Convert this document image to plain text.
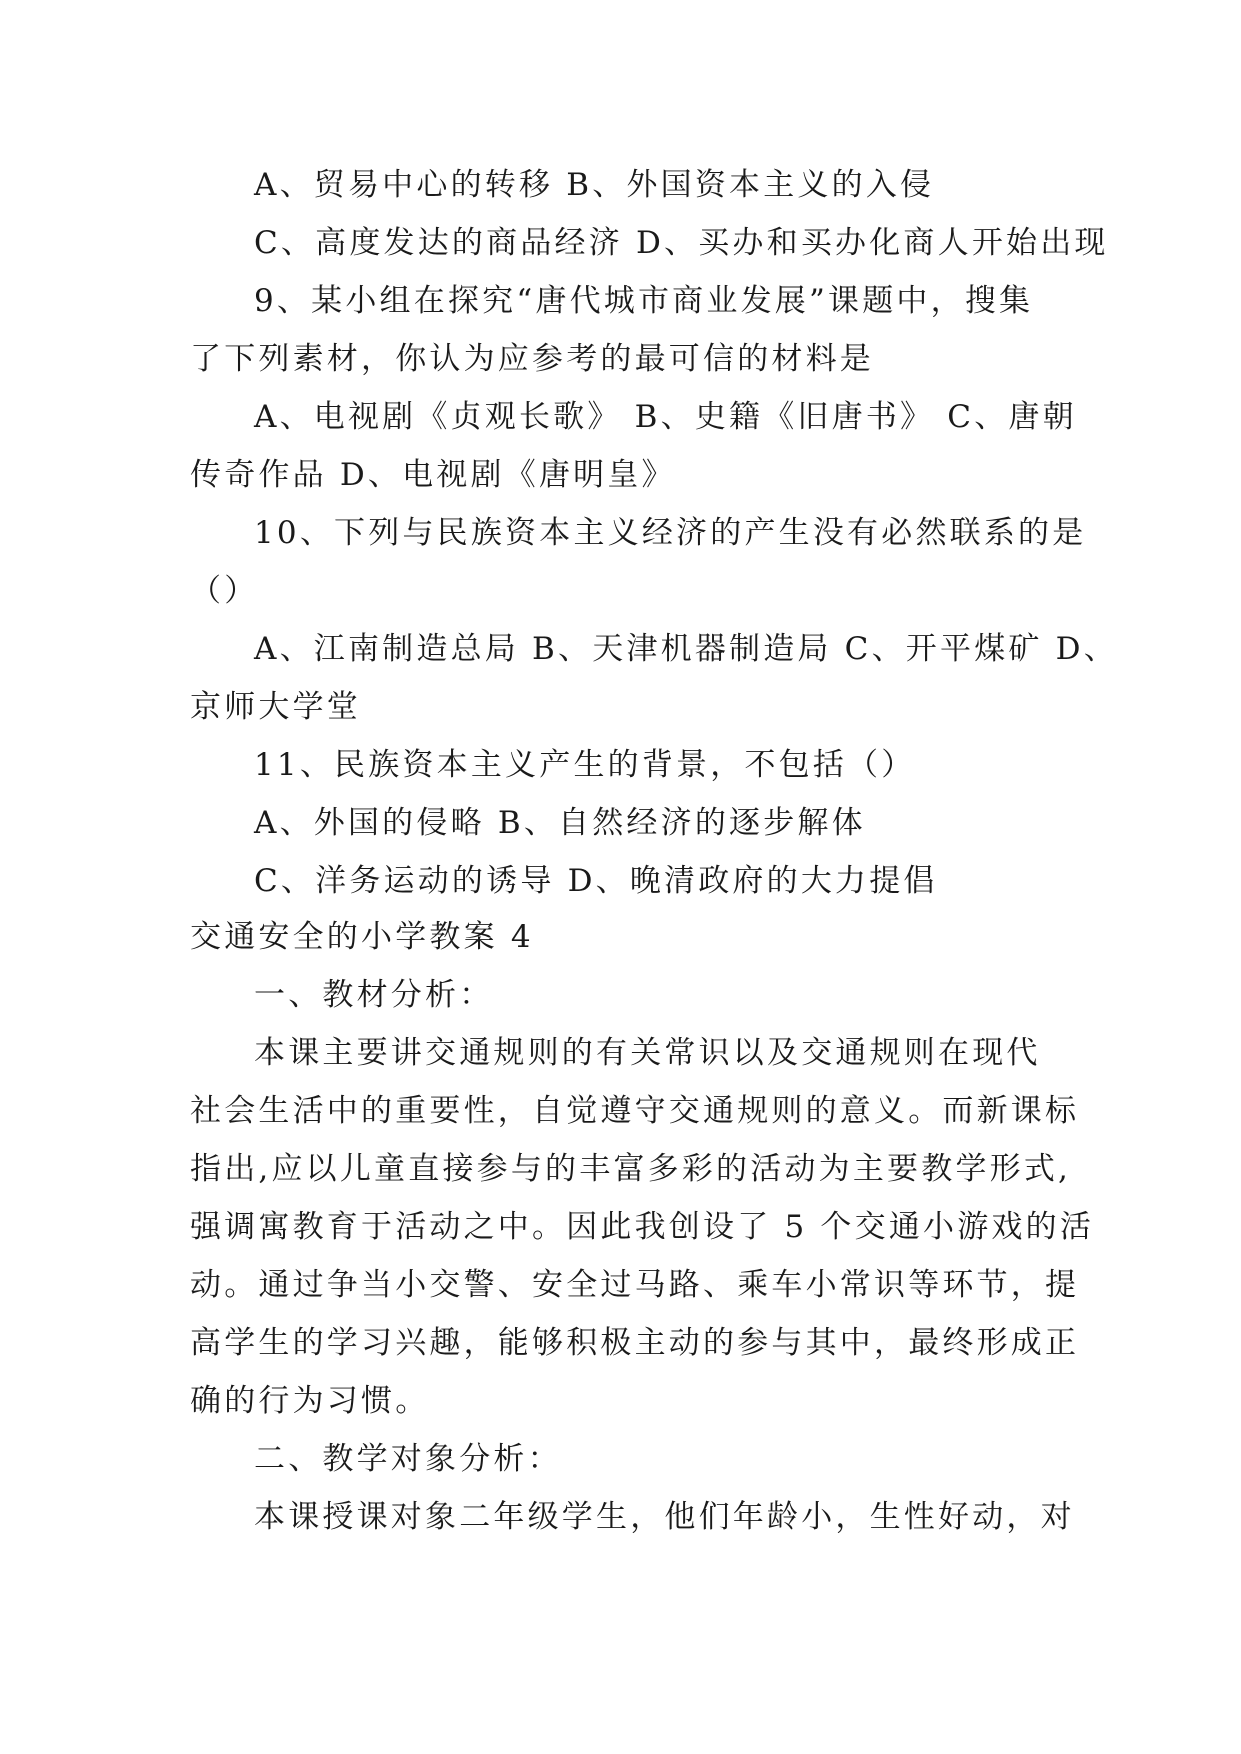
A、贸易中心的转移 B、外国资本主义的入侵
C、高度发达的商品经济 D、买办和买办化商人开始出现
9、某小组在探究“唐代城市商业发展”课题中，搜集
了下列素材，你认为应参考的最可信的材料是
A、电视剧《贞观长歌》 B、史籍《旧唐书》 C、唐朝
传奇作品 D、电视剧《唐明皇》
10、下列与民族资本主义经济的产生没有必然联系的是
（）
A、江南制造总局 B、天津机器制造局 C、开平煤矿 D、
京师大学堂
11、民族资本主义产生的背景，不包括（）
A、外国的侵略 B、自然经济的逐步解体
C、洋务运动的诱导 D、晚清政府的大力提倡
交通安全的小学教案 4
一、教材分析：
本课主要讲交通规则的有关常识以及交通规则在现代
社会生活中的重要性，自觉遵守交通规则的意义。而新课标
指出,应以儿童直接参与的丰富多彩的活动为主要教学形式,
强调寓教育于活动之中。因此我创设了 5 个交通小游戏的活
动。通过争当小交警、安全过马路、乘车小常识等环节，提
高学生的学习兴趣，能够积极主动的参与其中，最终形成正
确的行为习惯。
二、教学对象分析：
本课授课对象二年级学生，他们年龄小，生性好动，对
